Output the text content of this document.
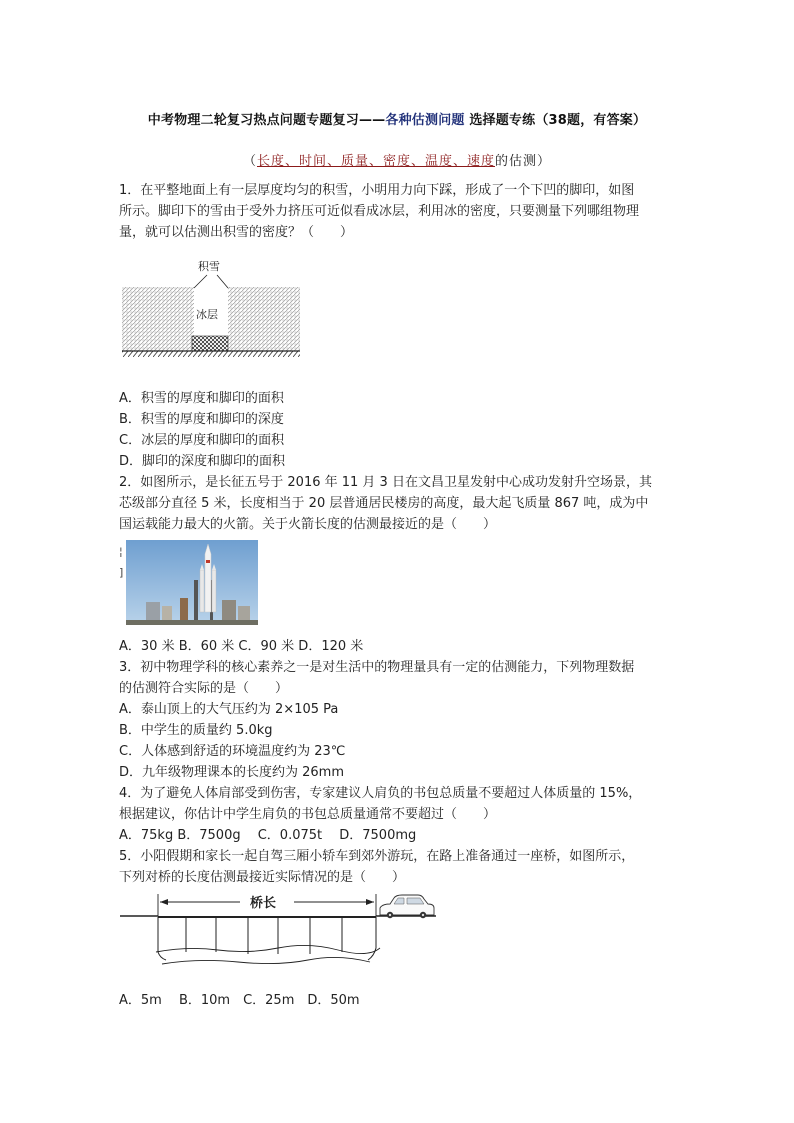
中考物理二轮复习热点问题专题复习——各种估测问题 选择题专练（38题，有答案）
（长度、时间、质量、密度、温度、速度的估测）

1．在平整地面上有一层厚度均匀的积雪，小明用力向下踩，形成了一个下凹的脚印，如图

所示。脚印下的雪由于受外力挤压可近似看成冰层，利用冰的密度，只要测量下列哪组物理

量，就可以估测出积雪的密度？（　　）

积雪
冰层

A．积雪的厚度和脚印的面积

B．积雪的厚度和脚印的深度

C．冰层的厚度和脚印的面积

D．脚印的深度和脚印的面积

2．如图所示，是长征五号于 2016 年 11 月 3 日在文昌卫星发射中心成功发射升空场景，其

芯级部分直径 5 米，长度相当于 20 层普通居民楼房的高度，最大起飞质量 867 吨，成为中

国运载能力最大的火箭。关于火箭长度的估测最接近的是（　　）

¦
]

A．30 米 B．60 米 C．90 米 D．120 米

3．初中物理学科的核心素养之一是对生活中的物理量具有一定的估测能力，下列物理数据

的估测符合实际的是（　　）

A．泰山顶上的大气压约为 2×105 Pa

B．中学生的质量约 5.0kg

C．人体感到舒适的环境温度约为 23℃

D．九年级物理课本的长度约为 26mm

4．为了避免人体肩部受到伤害，专家建议人肩负的书包总质量不要超过人体质量的 15%，

根据建议，你估计中学生肩负的书包总质量通常不要超过（　　）

A．75kg B．7500g　 C．0.075t　 D．7500mg

5．小阳假期和家长一起自驾三厢小轿车到郊外游玩，在路上准备通过一座桥，如图所示，

下列对桥的长度估测最接近实际情况的是（　　）

桥长

A．5m　 B．10m　C．25m　D．50m
